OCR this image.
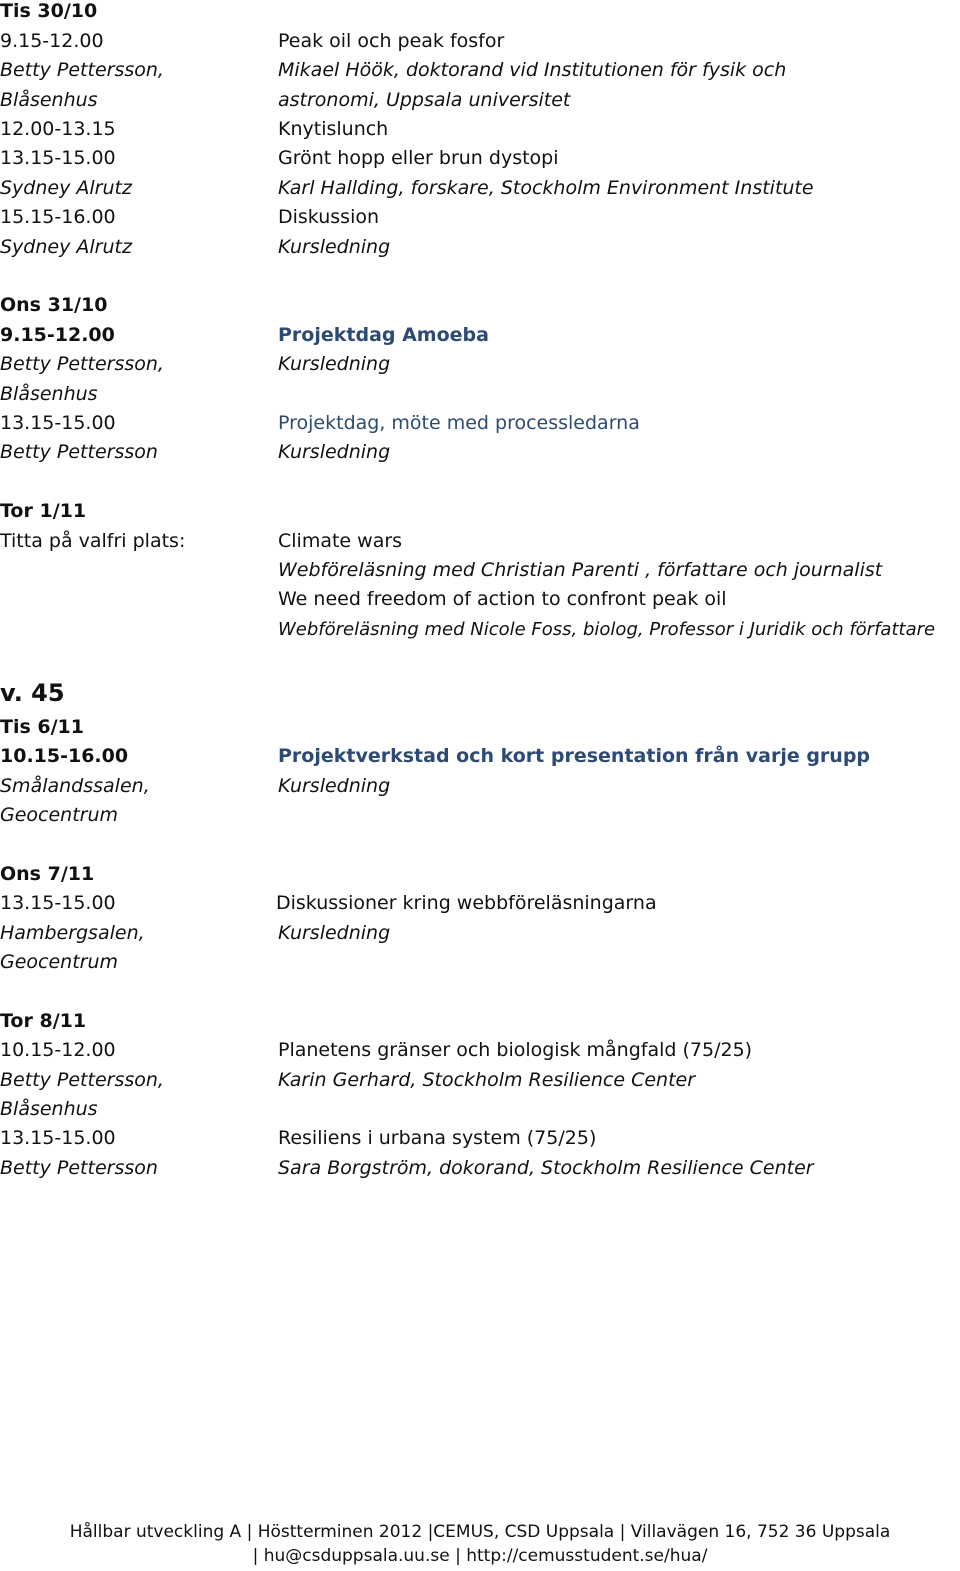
Tis 30/10
9.15-12.00	Peak oil och peak fosfor
Betty Pettersson,	Mikael Höök, doktorand vid Institutionen för fysik och
Blåsenhus	astronomi, Uppsala universitet
12.00-13.15	Knytislunch
13.15-15.00	Grönt hopp eller brun dystopi
Sydney Alrutz	Karl Hallding, forskare, Stockholm Environment Institute
15.15-16.00	Diskussion
Sydney Alrutz	Kursledning
Ons 31/10
9.15-12.00	Projektdag Amoeba
Betty Pettersson,	Kursledning
Blåsenhus
13.15-15.00	Projektdag, möte med processledarna
Betty Pettersson	Kursledning
Tor 1/11
Titta på valfri plats:	Climate wars
Webföreläsning med Christian Parenti , författare och journalist
We need freedom of action to confront peak oil
Webföreläsning med Nicole Foss, biolog, Professor i Juridik och författare
v. 45
Tis 6/11
10.15-16.00	Projektverkstad och kort presentation från varje grupp
Smålandssalen,	Kursledning
Geocentrum
Ons 7/11
13.15-15.00	Diskussioner kring webbföreläsningarna
Hambergsalen,	Kursledning
Geocentrum
Tor 8/11
10.15-12.00	Planetens gränser och biologisk mångfald (75/25)
Betty Pettersson,	Karin Gerhard, Stockholm Resilience Center
Blåsenhus
13.15-15.00	Resiliens i urbana system (75/25)
Betty Pettersson	Sara Borgström, dokorand, Stockholm Resilience Center
Hållbar utveckling A | Höstterminen 2012 |CEMUS, CSD Uppsala | Villavägen 16, 752 36 Uppsala
| hu@csduppsala.uu.se | http://cemusstudent.se/hua/
